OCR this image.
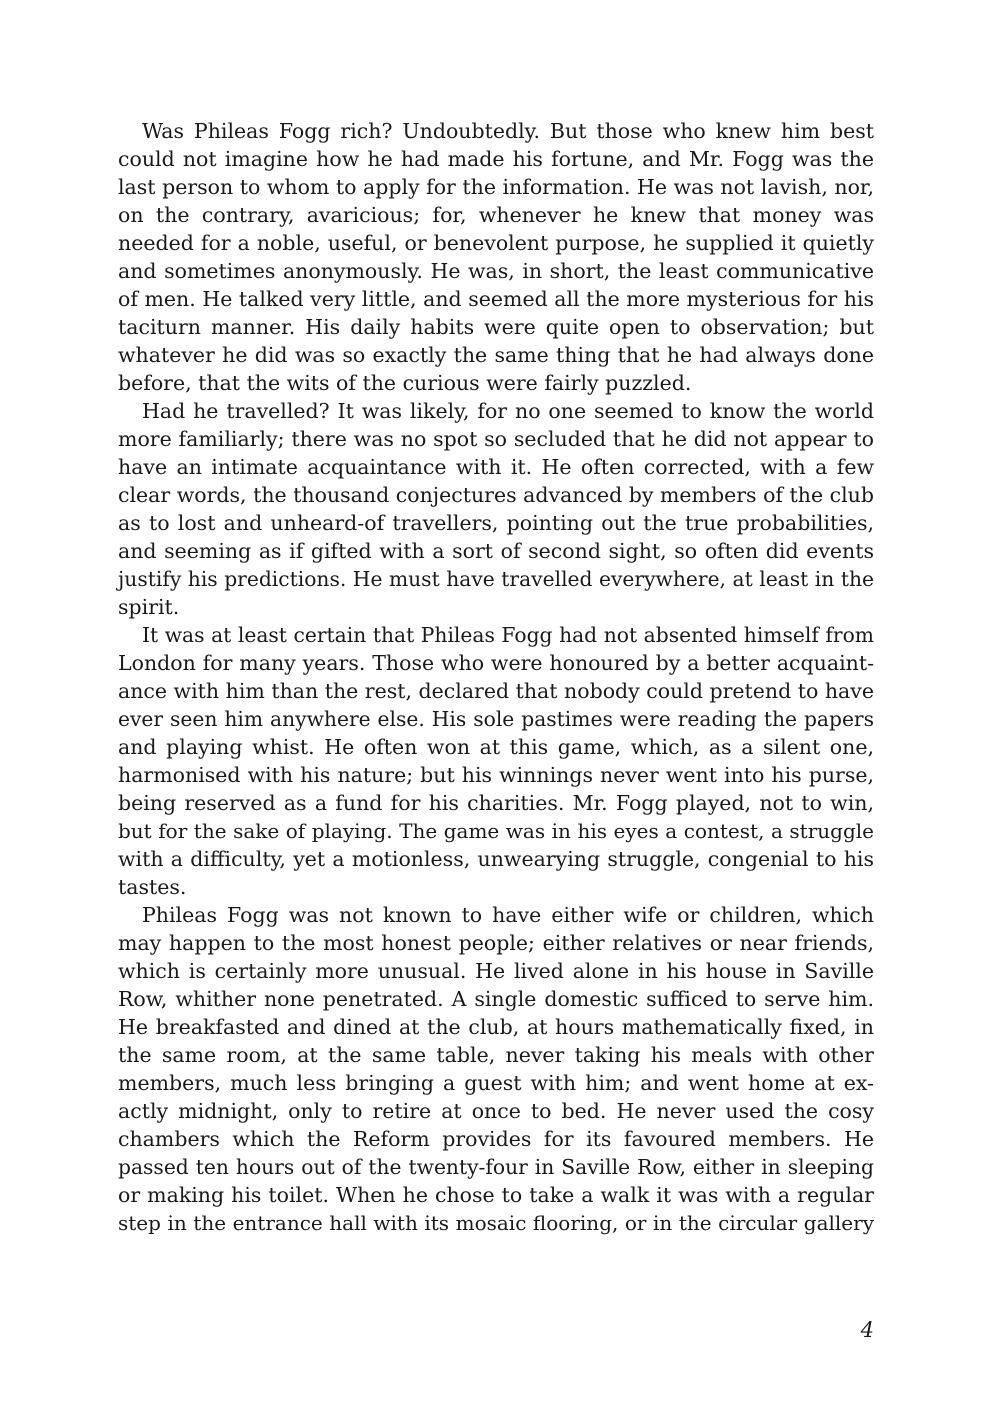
Was Phileas Fogg rich? Undoubtedly. But those who knew him best
could not imagine how he had made his fortune, and Mr. Fogg was the
last person to whom to apply for the information. He was not lavish, nor,
on the contrary, avaricious; for, whenever he knew that money was
needed for a noble, useful, or benevolent purpose, he supplied it quietly
and sometimes anonymously. He was, in short, the least communicative
of men. He talked very little, and seemed all the more mysterious for his
taciturn manner. His daily habits were quite open to observation; but
whatever he did was so exactly the same thing that he had always done
before, that the wits of the curious were fairly puzzled.
Had he travelled? It was likely, for no one seemed to know the world
more familiarly; there was no spot so secluded that he did not appear to
have an intimate acquaintance with it. He often corrected, with a few
clear words, the thousand conjectures advanced by members of the club
as to lost and unheard-of travellers, pointing out the true probabilities,
and seeming as if gifted with a sort of second sight, so often did events
justify his predictions. He must have travelled everywhere, at least in the
spirit.
It was at least certain that Phileas Fogg had not absented himself from
London for many years. Those who were honoured by a better acquaint-
ance with him than the rest, declared that nobody could pretend to have
ever seen him anywhere else. His sole pastimes were reading the papers
and playing whist. He often won at this game, which, as a silent one,
harmonised with his nature; but his winnings never went into his purse,
being reserved as a fund for his charities. Mr. Fogg played, not to win,
but for the sake of playing. The game was in his eyes a contest, a struggle
with a difficulty, yet a motionless, unwearying struggle, congenial to his
tastes.
Phileas Fogg was not known to have either wife or children, which
may happen to the most honest people; either relatives or near friends,
which is certainly more unusual. He lived alone in his house in Saville
Row, whither none penetrated. A single domestic sufficed to serve him.
He breakfasted and dined at the club, at hours mathematically fixed, in
the same room, at the same table, never taking his meals with other
members, much less bringing a guest with him; and went home at ex-
actly midnight, only to retire at once to bed. He never used the cosy
chambers which the Reform provides for its favoured members. He
passed ten hours out of the twenty-four in Saville Row, either in sleeping
or making his toilet. When he chose to take a walk it was with a regular
step in the entrance hall with its mosaic flooring, or in the circular gallery
4
